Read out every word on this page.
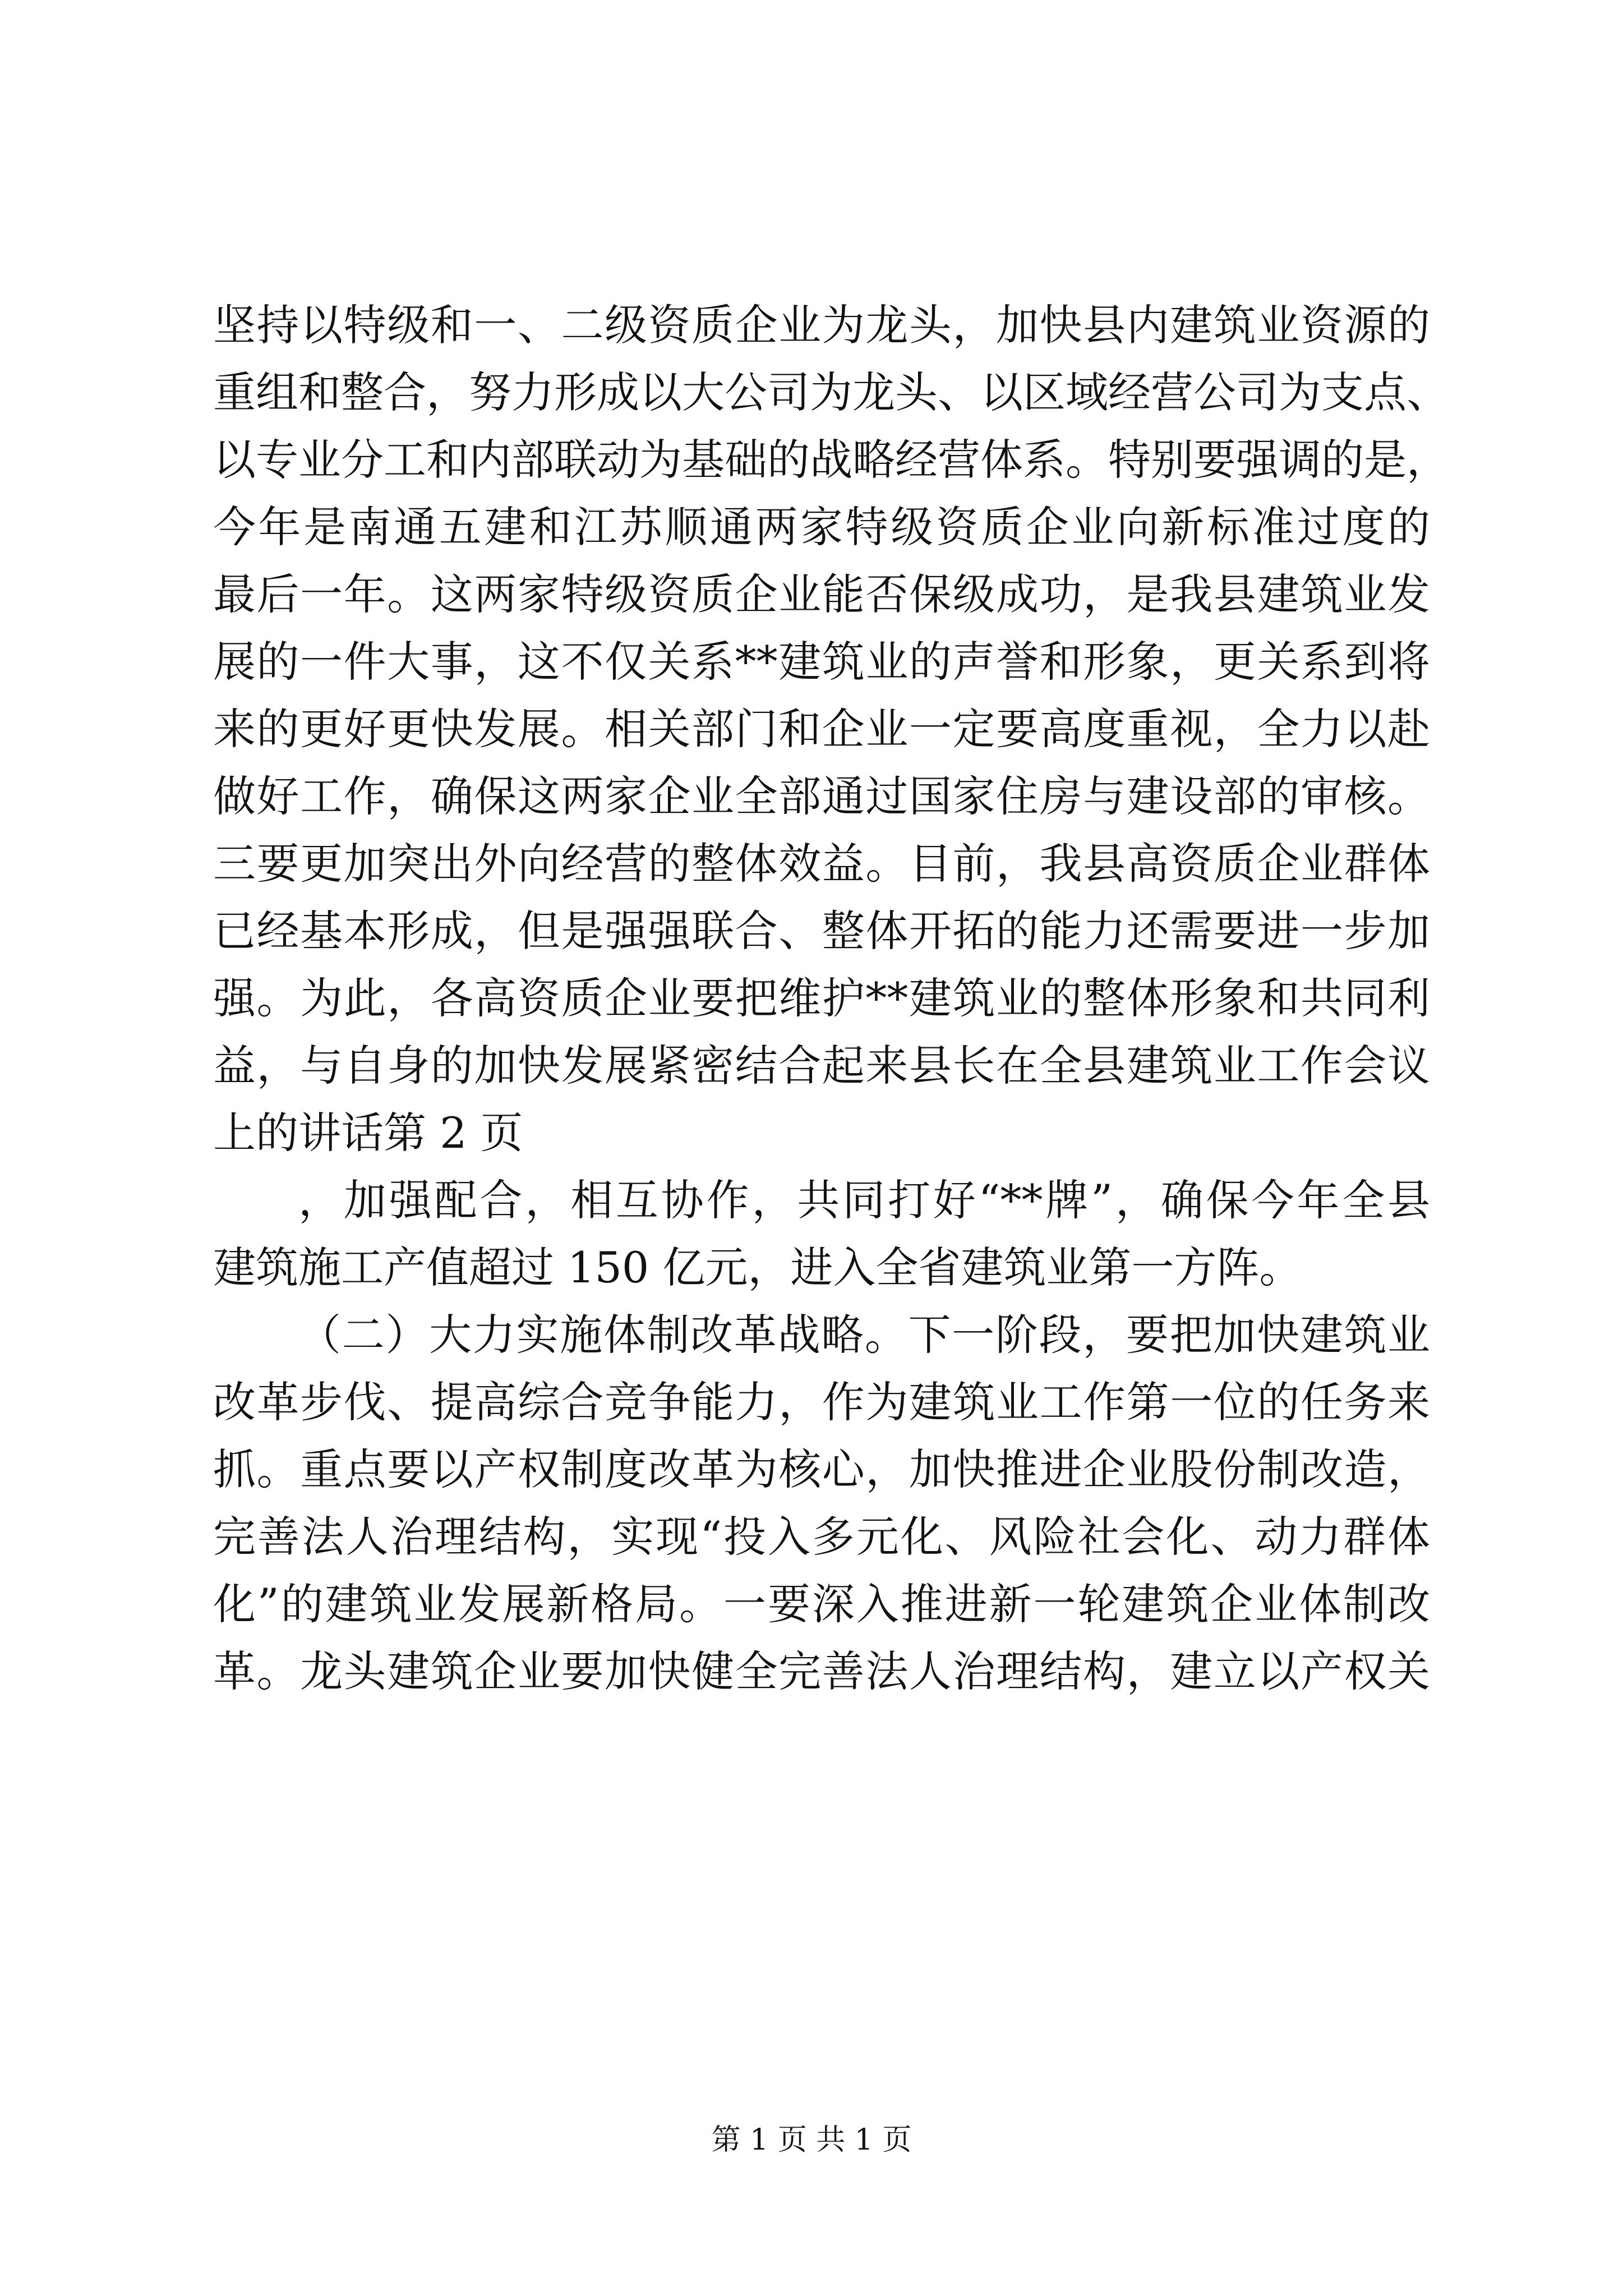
坚持以特级和一、二级资质企业为龙头，加快县内建筑业资源的
重组和整合，努力形成以大公司为龙头、以区域经营公司为支点、
以专业分工和内部联动为基础的战略经营体系。特别要强调的是，
今年是南通五建和江苏顺通两家特级资质企业向新标准过度的
最后一年。这两家特级资质企业能否保级成功，是我县建筑业发
展的一件大事，这不仅关系**建筑业的声誉和形象，更关系到将
来的更好更快发展。相关部门和企业一定要高度重视，全力以赴
做好工作，确保这两家企业全部通过国家住房与建设部的审核。
三要更加突出外向经营的整体效益。目前，我县高资质企业群体
已经基本形成，但是强强联合、整体开拓的能力还需要进一步加
强。为此，各高资质企业要把维护**建筑业的整体形象和共同利
益，与自身的加快发展紧密结合起来县长在全县建筑业工作会议
上的讲话第 2 页
，加强配合，相互协作，共同打好“**牌”，确保今年全县
建筑施工产值超过 150 亿元，进入全省建筑业第一方阵。
（二）大力实施体制改革战略。下一阶段，要把加快建筑业
改革步伐、提高综合竞争能力，作为建筑业工作第一位的任务来
抓。重点要以产权制度改革为核心，加快推进企业股份制改造，
完善法人治理结构，实现“投入多元化、风险社会化、动力群体
化”的建筑业发展新格局。一要深入推进新一轮建筑企业体制改
革。龙头建筑企业要加快健全完善法人治理结构，建立以产权关
第 1 页 共 1 页
